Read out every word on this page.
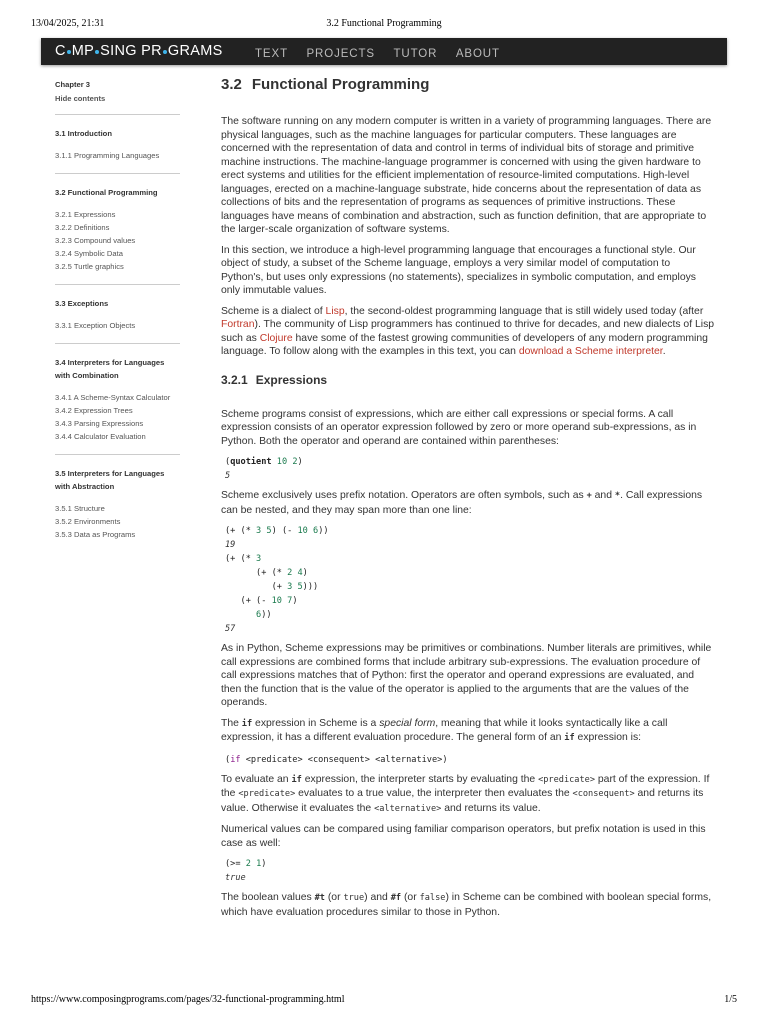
13/04/2025, 21:31	3.2 Functional Programming
C MP SING PR GRAMS	TEXT PROJECTS TUTOR ABOUT
Chapter 3
Hide contents
3.1 Introduction
3.1.1 Programming Languages
3.2 Functional Programming
3.2.1 Expressions
3.2.2 Definitions
3.2.3 Compound values
3.2.4 Symbolic Data
3.2.5 Turtle graphics
3.3 Exceptions
3.3.1 Exception Objects
3.4 Interpreters for Languages with Combination
3.4.1 A Scheme-Syntax Calculator
3.4.2 Expression Trees
3.4.3 Parsing Expressions
3.4.4 Calculator Evaluation
3.5 Interpreters for Languages with Abstraction
3.5.1 Structure
3.5.2 Environments
3.5.3 Data as Programs
3.2 Functional Programming

The software running on any modern computer is written in a variety of programming languages. There are physical languages, such as the machine languages for particular computers. These languages are concerned with the representation of data and control in terms of individual bits of storage and primitive machine instructions. The machine-language programmer is concerned with using the given hardware to erect systems and utilities for the efficient implementation of resource-limited computations. High-level languages, erected on a machine-language substrate, hide concerns about the representation of data as collections of bits and the representation of programs as sequences of primitive instructions. These languages have means of combination and abstraction, such as function definition, that are appropriate to the larger-scale organization of software systems.

In this section, we introduce a high-level programming language that encourages a functional style. Our object of study, a subset of the Scheme language, employs a very similar model of computation to Python's, but uses only expressions (no statements), specializes in symbolic computation, and employs only immutable values.

Scheme is a dialect of Lisp, the second-oldest programming language that is still widely used today (after Fortran). The community of Lisp programmers has continued to thrive for decades, and new dialects of Lisp such as Clojure have some of the fastest growing communities of developers of any modern programming language. To follow along with the examples in this text, you can download a Scheme interpreter.

3.2.1 Expressions

Scheme programs consist of expressions, which are either call expressions or special forms. A call expression consists of an operator expression followed by zero or more operand sub-expressions, as in Python. Both the operator and operand are contained within parentheses:

(quotient 10 2)
5

Scheme exclusively uses prefix notation. Operators are often symbols, such as + and *. Call expressions can be nested, and they may span more than one line:

(+ (* 3 5) (- 10 6))
19
(+ (* 3
(+ (* 2 4)
(+ 3 5)))
(+ (- 10 7)
6))
57

As in Python, Scheme expressions may be primitives or combinations. Number literals are primitives, while call expressions are combined forms that include arbitrary sub-expressions. The evaluation procedure of call expressions matches that of Python: first the operator and operand expressions are evaluated, and then the function that is the value of the operator is applied to the arguments that are the values of the operands.

The if expression in Scheme is a special form, meaning that while it looks syntactically like a call expression, it has a different evaluation procedure. The general form of an if expression is:

(if <predicate> <consequent> <alternative>)

To evaluate an if expression, the interpreter starts by evaluating the <predicate> part of the expression. If the <predicate> evaluates to a true value, the interpreter then evaluates the <consequent> and returns its value. Otherwise it evaluates the <alternative> and returns its value.

Numerical values can be compared using familiar comparison operators, but prefix notation is used in this case as well:

(>= 2 1)
true

The boolean values #t (or true) and #f (or false) in Scheme can be combined with boolean special forms, which have evaluation procedures similar to those in Python.

https://www.composingprograms.com/pages/32-functional-programming.html	1/5
